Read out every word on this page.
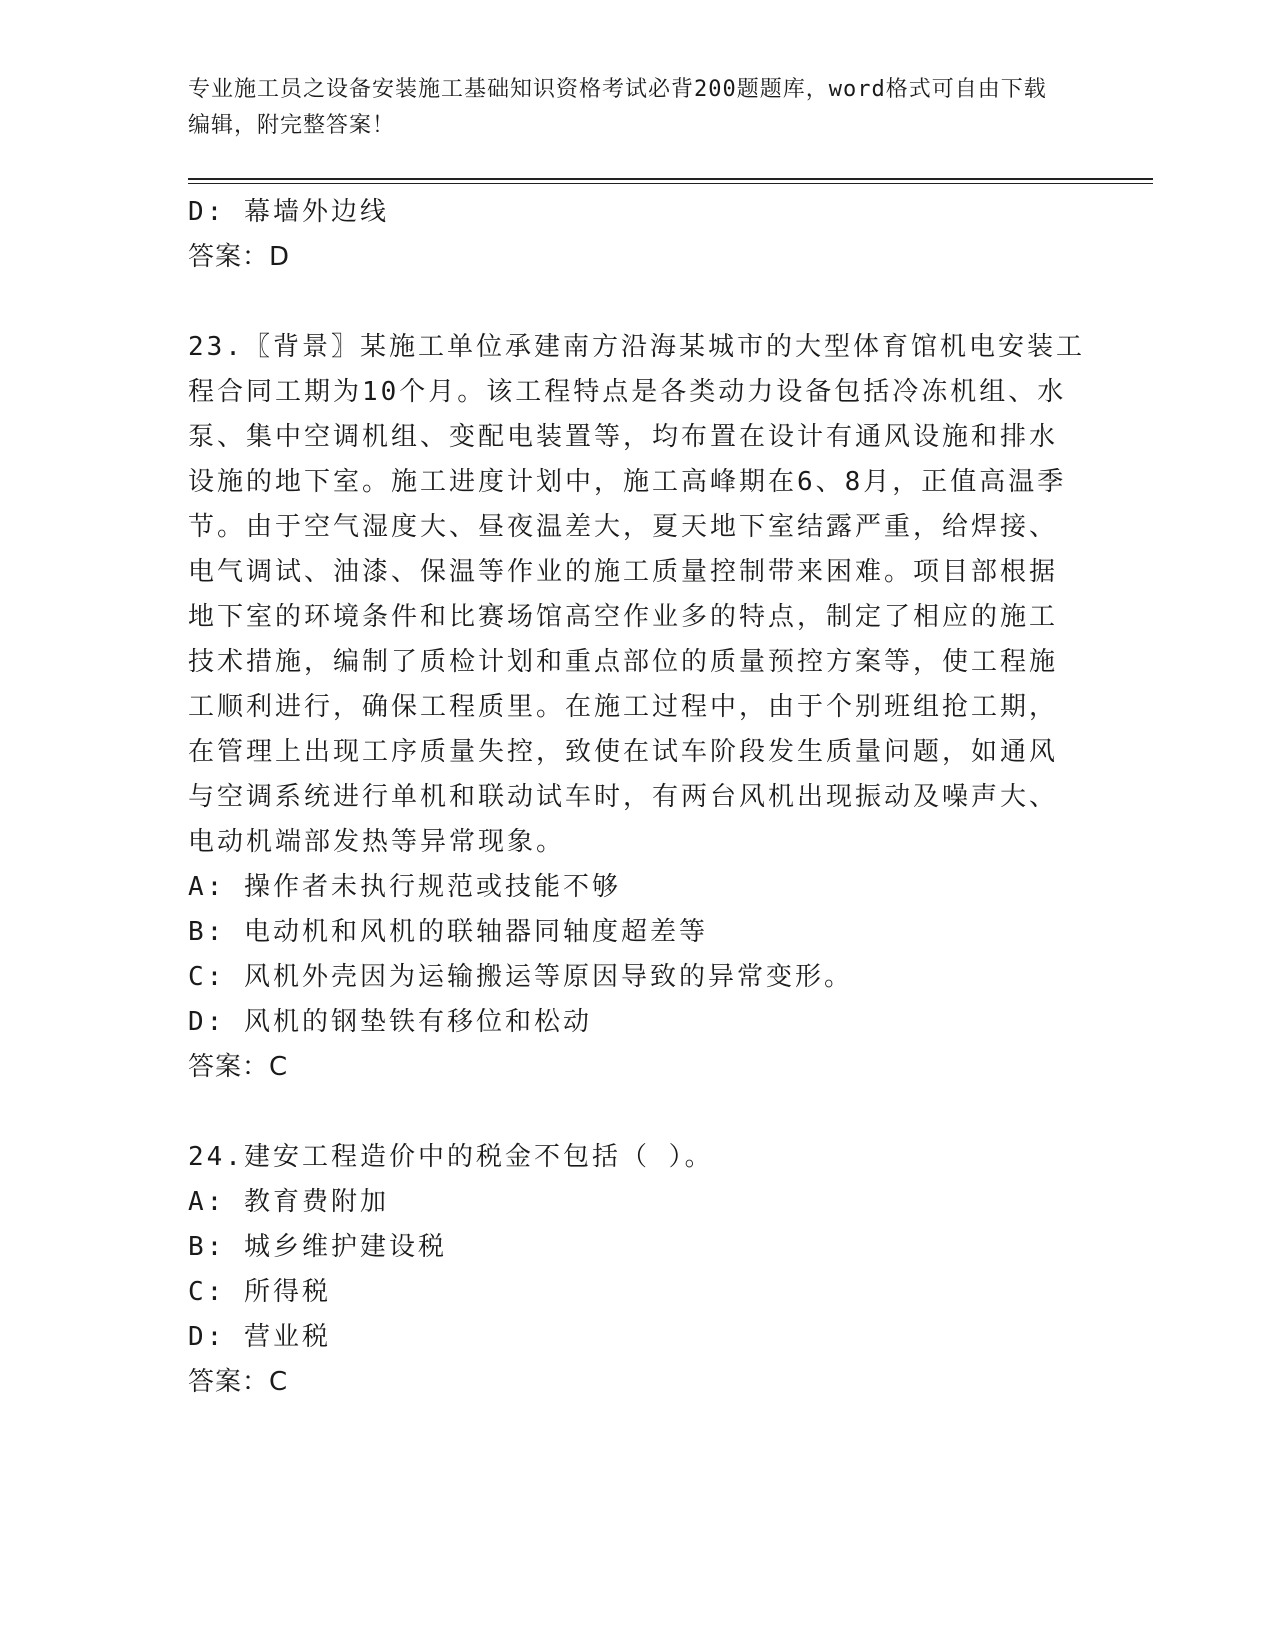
专业施工员之设备安装施工基础知识资格考试必背200题题库，word格式可自由下载编辑，附完整答案！
D: 幕墙外边线
答案：D
23.〖背景〗某施工单位承建南方沿海某城市的大型体育馆机电安装工
程合同工期为10个月。该工程特点是各类动力设备包括冷冻机组、水
泵、集中空调机组、变配电装置等，均布置在设计有通风设施和排水
设施的地下室。施工进度计划中，施工高峰期在6、8月，正值高温季
节。由于空气湿度大、昼夜温差大，夏天地下室结露严重，给焊接、
电气调试、油漆、保温等作业的施工质量控制带来困难。项目部根据
地下室的环境条件和比赛场馆高空作业多的特点，制定了相应的施工
技术措施，编制了质检计划和重点部位的质量预控方案等，使工程施
工顺利进行，确保工程质里。在施工过程中，由于个别班组抢工期，
在管理上出现工序质量失控，致使在试车阶段发生质量问题，如通风
与空调系统进行单机和联动试车时，有两台风机出现振动及噪声大、
电动机端部发热等异常现象。
A: 操作者未执行规范或技能不够
B: 电动机和风机的联轴器同轴度超差等
C: 风机外壳因为运输搬运等原因导致的异常变形。
D: 风机的钢垫铁有移位和松动
答案：C
24.建安工程造价中的税金不包括（ ）。
A: 教育费附加
B: 城乡维护建设税
C: 所得税
D: 营业税
答案：C
